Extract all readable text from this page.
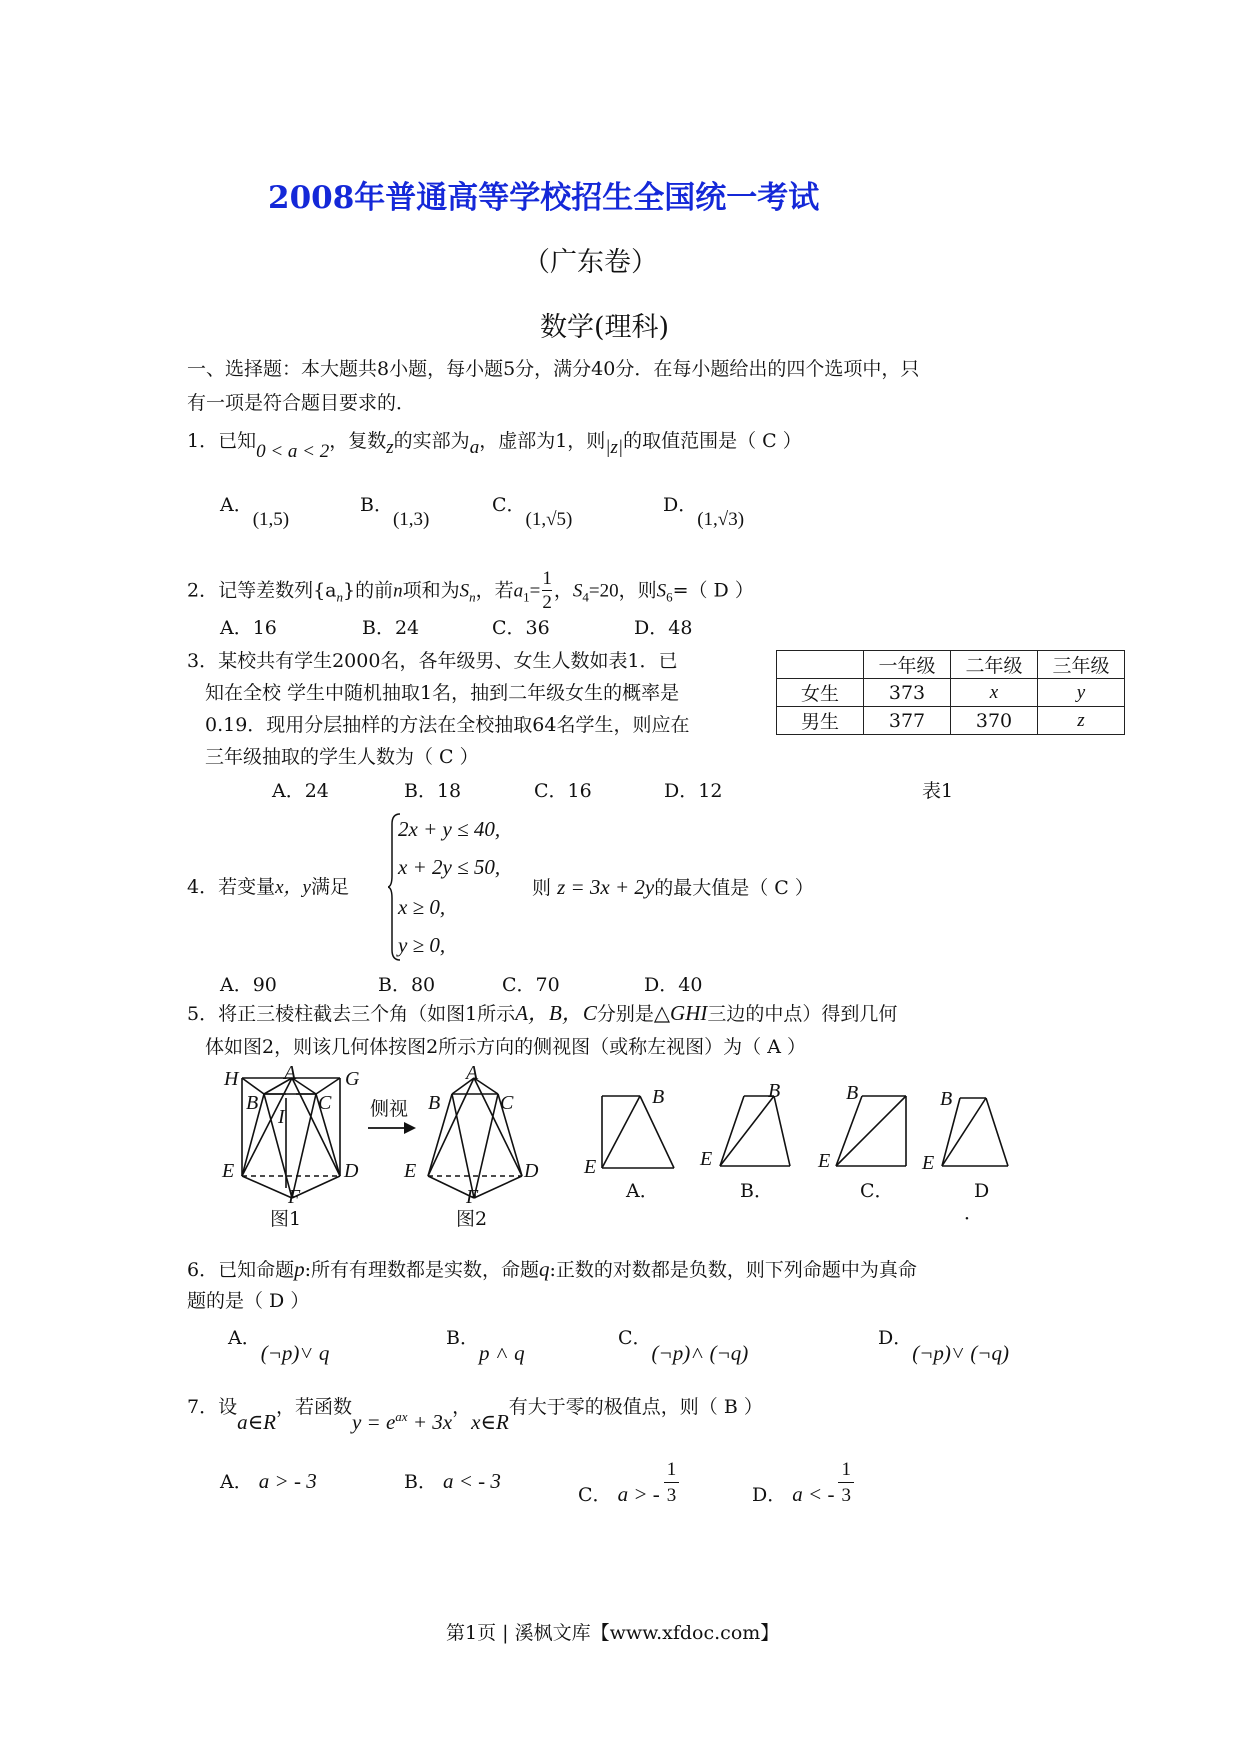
2008年普通高等学校招生全国统一考试
（广东卷）
数学(理科)
一、选择题：本大题共8小题，每小题5分，满分40分．在每小题给出的四个选项中，只
有一项是符合题目要求的．
1．已知0 < a < 2，复数z的实部为a，虚部为1，则|z|的取值范围是（ C ）
A．(1,5)
B．(1,3)
C．(1,√5)
D．(1,√3)
2．记等差数列$\{a_n\}$的前n项和为$S_n$，若$a_1= \frac{1}{2}$ ，$S_4=20$，则$S_6=$（ D ）
A．16	B．24	C．36	D．48
3．某校共有学生2000名，各年级男、女生人数如表1．已
知在全校 学生中随机抽取1名，抽到二年级女生的概率是
0.19．现用分层抽样的方法在全校抽取64名学生，则应在
三年级抽取的学生人数为（ C ）
A．24	B．18	C．16	D．12	表1
	一年级	二年级	三年级
女生	373	x	y
男生	377	370	z
4．若变量x，y满足
2x + y ≤ 40,
x + 2y ≤ 50,
x ≥ 0,
y ≥ 0,
则 z = 3x + 2y的最大值是（ C ）
A．90	B．80	C．70	D．40
5．将正三棱柱截去三个角（如图1所示A，B，C分别是△GHI三边的中点）得到几何
体如图2，则该几何体按图2所示方向的侧视图（或称左视图）为（ A ）
H A G
B
I
C
E	D
F
图1
侧视
A
B	C
E	D
F
图2
B
E
A．
B
E
B．
B
E
C．
B
E
D
．
6．已知命题p:所有有理数都是实数，命题q:正数的对数都是负数，则下列命题中为真命
题的是（ D ）
A．(¬p)˅ q
B．p ˄ q
C．(¬p)˄ (¬q)
D．(¬p)˅ (¬q)
7．设a∈R，若函数$y = e^{ax} + 3x$，x∈R有大于零的极值点，则（ B ）
A． a > - 3	B． a < - 3
C． a > - $\frac{1}{3}$	D． a < - $\frac{1}{3}$
第1页 | 溪枫文库【www.xfdoc.com】
